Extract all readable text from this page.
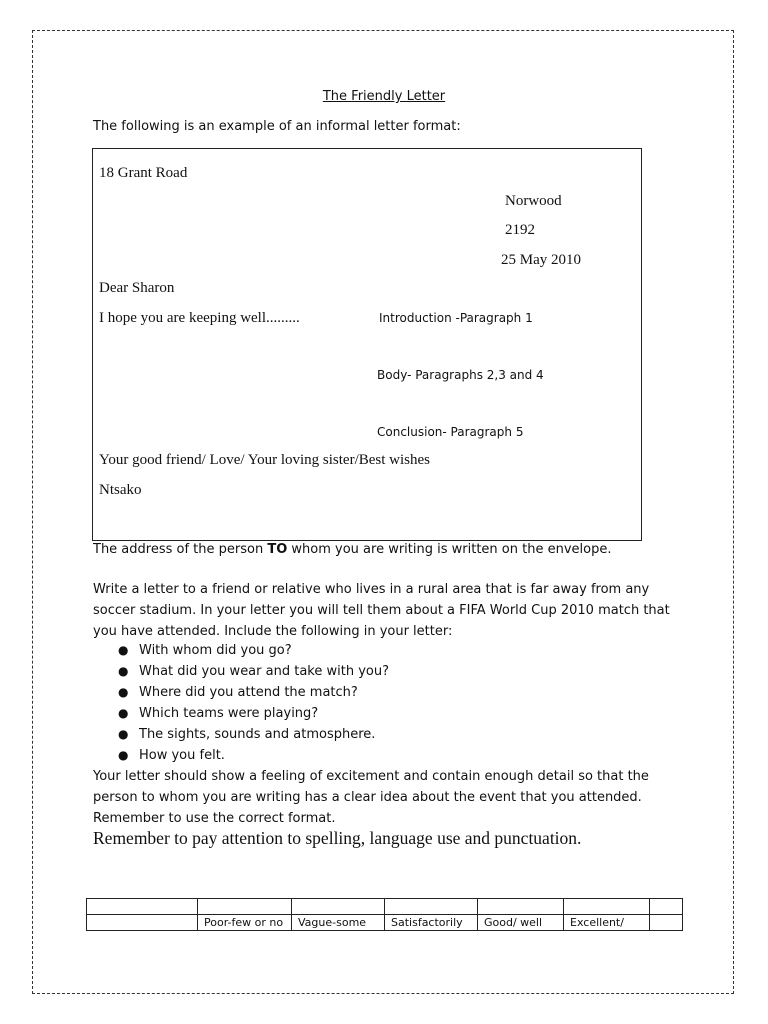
The Friendly Letter
The following is an example of an informal letter format:
18 Grant Road
Norwood
2192
25 May 2010
Dear Sharon
I hope you are keeping well.........	Introduction -Paragraph 1
Body- Paragraphs 2,3 and 4
Conclusion- Paragraph 5
Your good friend/ Love/ Your loving sister/Best wishes
Ntsako
The address of the person TO whom you are writing is written on the envelope.
Write a letter to a friend or relative who lives in a rural area that is far away from any soccer stadium. In your letter you will tell them about a FIFA World Cup 2010 match that you have attended. Include the following in your letter:
● With whom did you go?
● What did you wear and take with you?
● Where did you attend the match?
● Which teams were playing?
● The sights, sounds and atmosphere.
● How you felt.
Your letter should show a feeling of excitement and contain enough detail so that the person to whom you are writing has a clear idea about the event that you attended. Remember to use the correct format.
Remember to pay attention to spelling, language use and punctuation.

	Poor-few or no	Vague-some	Satisfactorily	Good/ well	Excellent/	
